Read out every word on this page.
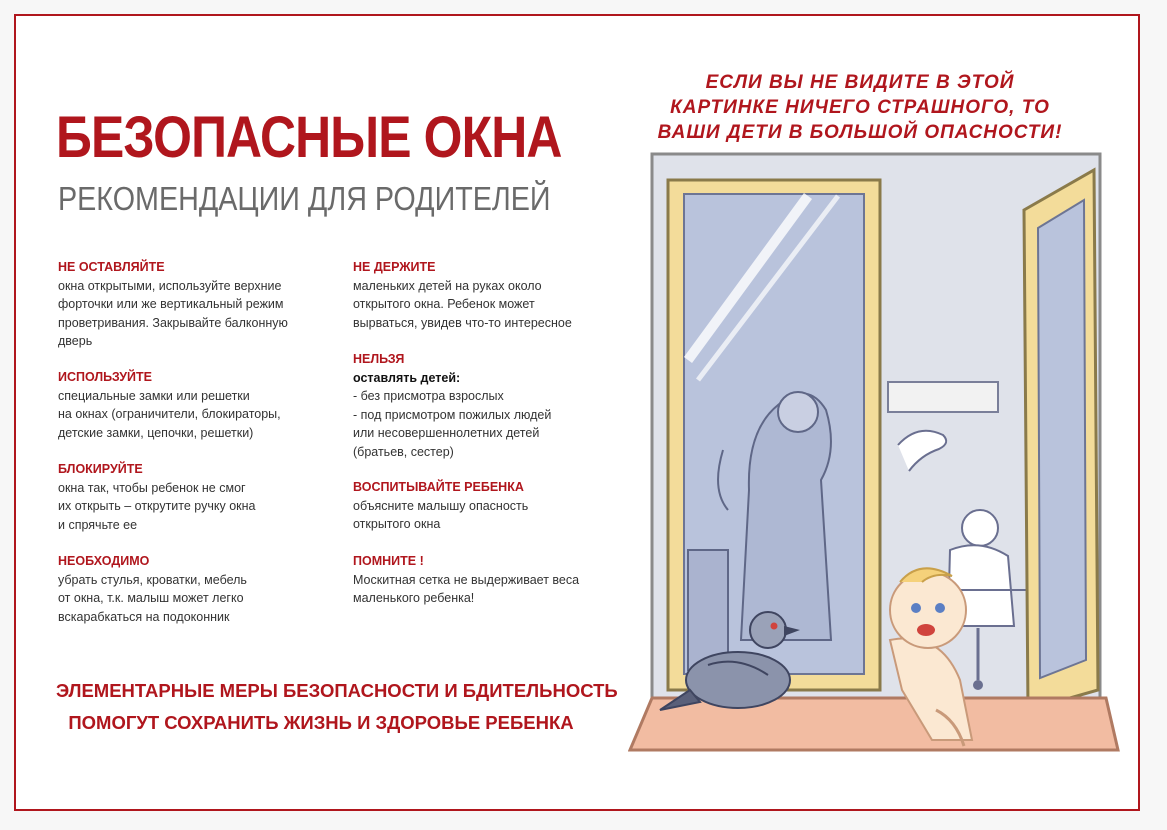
БЕЗОПАСНЫЕ ОКНА
РЕКОМЕНДАЦИИ ДЛЯ РОДИТЕЛЕЙ
НЕ ОСТАВЛЯЙТЕ
окна открытыми, используйте верхние
форточки или же вертикальный режим
проветривания. Закрывайте балконную
дверь
ИСПОЛЬЗУЙТЕ
специальные замки или решетки
на окнах (ограничители, блокираторы,
детские замки, цепочки, решетки)
БЛОКИРУЙТЕ
окна так, чтобы ребенок не смог
их открыть – открутите ручку окна
и спрячьте ее
НЕОБХОДИМО
убрать стулья, кроватки, мебель
от окна, т.к. малыш может легко
вскарабкаться на подоконник
НЕ ДЕРЖИТЕ
маленьких детей на руках около
открытого окна. Ребенок может
вырваться, увидев что-то интересное
НЕЛЬЗЯ
оставлять детей:
- без присмотра взрослых
- под присмотром пожилых людей
или несовершеннолетних детей
(братьев, сестер)
ВОСПИТЫВАЙТЕ РЕБЕНКА
объясните малышу опасность
открытого окна
ПОМНИТЕ !
Москитная сетка не выдерживает веса
маленького ребенка!
ЭЛЕМЕНТАРНЫЕ МЕРЫ БЕЗОПАСНОСТИ И БДИТЕЛЬНОСТЬ
ПОМОГУТ СОХРАНИТЬ ЖИЗНЬ И ЗДОРОВЬЕ РЕБЕНКА
ЕСЛИ ВЫ НЕ ВИДИТЕ В ЭТОЙ
КАРТИНКЕ НИЧЕГО СТРАШНОГО, ТО
ВАШИ ДЕТИ В БОЛЬШОЙ ОПАСНОСТИ!
